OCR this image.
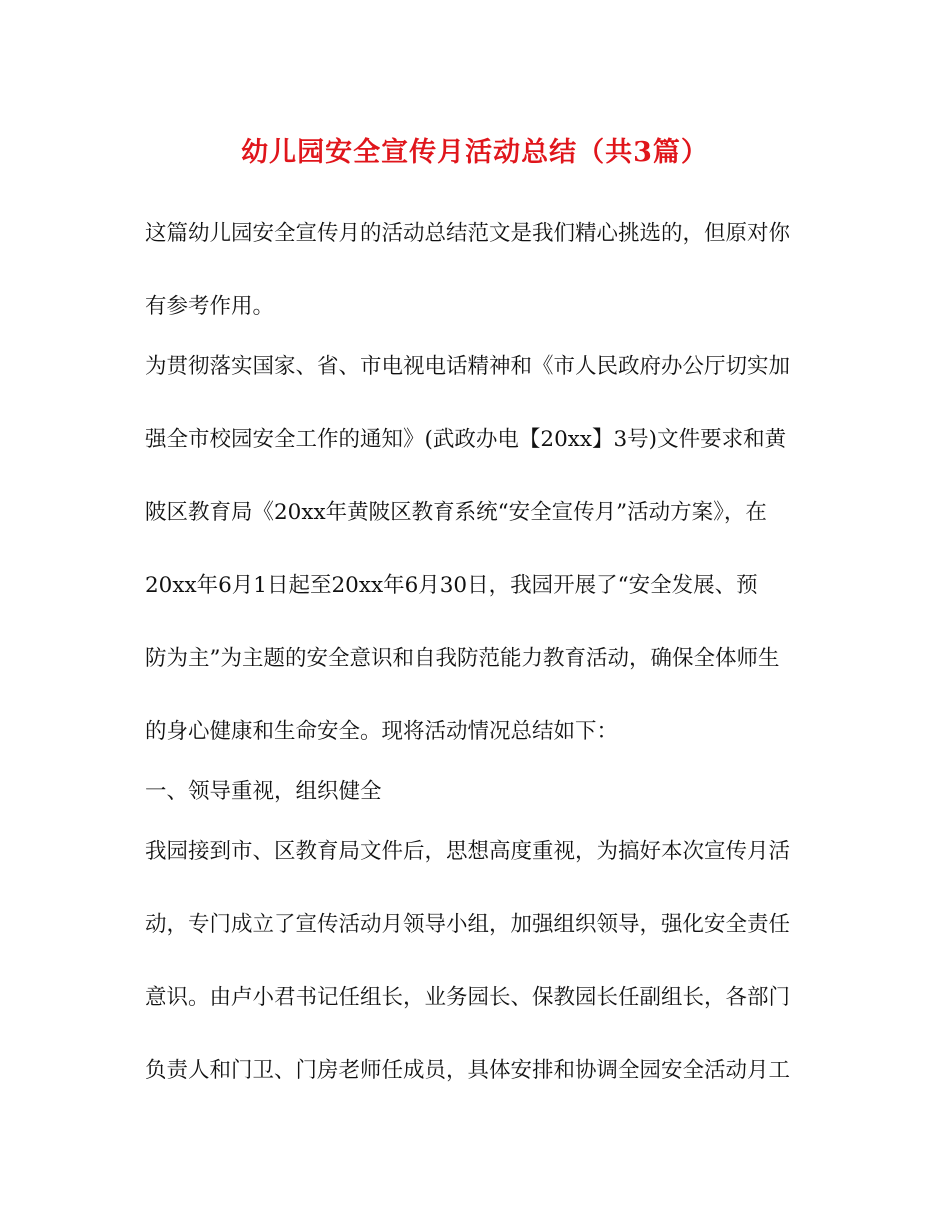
幼儿园安全宣传月活动总结（共3篇）
这篇幼儿园安全宣传月的活动总结范文是我们精心挑选的，但原对你
有参考作用。
为贯彻落实国家、省、市电视电话精神和《市人民政府办公厅切实加
强全市校园安全工作的通知》(武政办电【20xx】3号)文件要求和黄
陂区教育局《20xx年黄陂区教育系统“安全宣传月”活动方案》，在
20xx年6月1日起至20xx年6月30日，我园开展了“安全发展、预
防为主”为主题的安全意识和自我防范能力教育活动，确保全体师生
的身心健康和生命安全。现将活动情况总结如下：
一、领导重视，组织健全
我园接到市、区教育局文件后，思想高度重视，为搞好本次宣传月活
动，专门成立了宣传活动月领导小组，加强组织领导，强化安全责任
意识。由卢小君书记任组长，业务园长、保教园长任副组长，各部门
负责人和门卫、门房老师任成员，具体安排和协调全园安全活动月工
